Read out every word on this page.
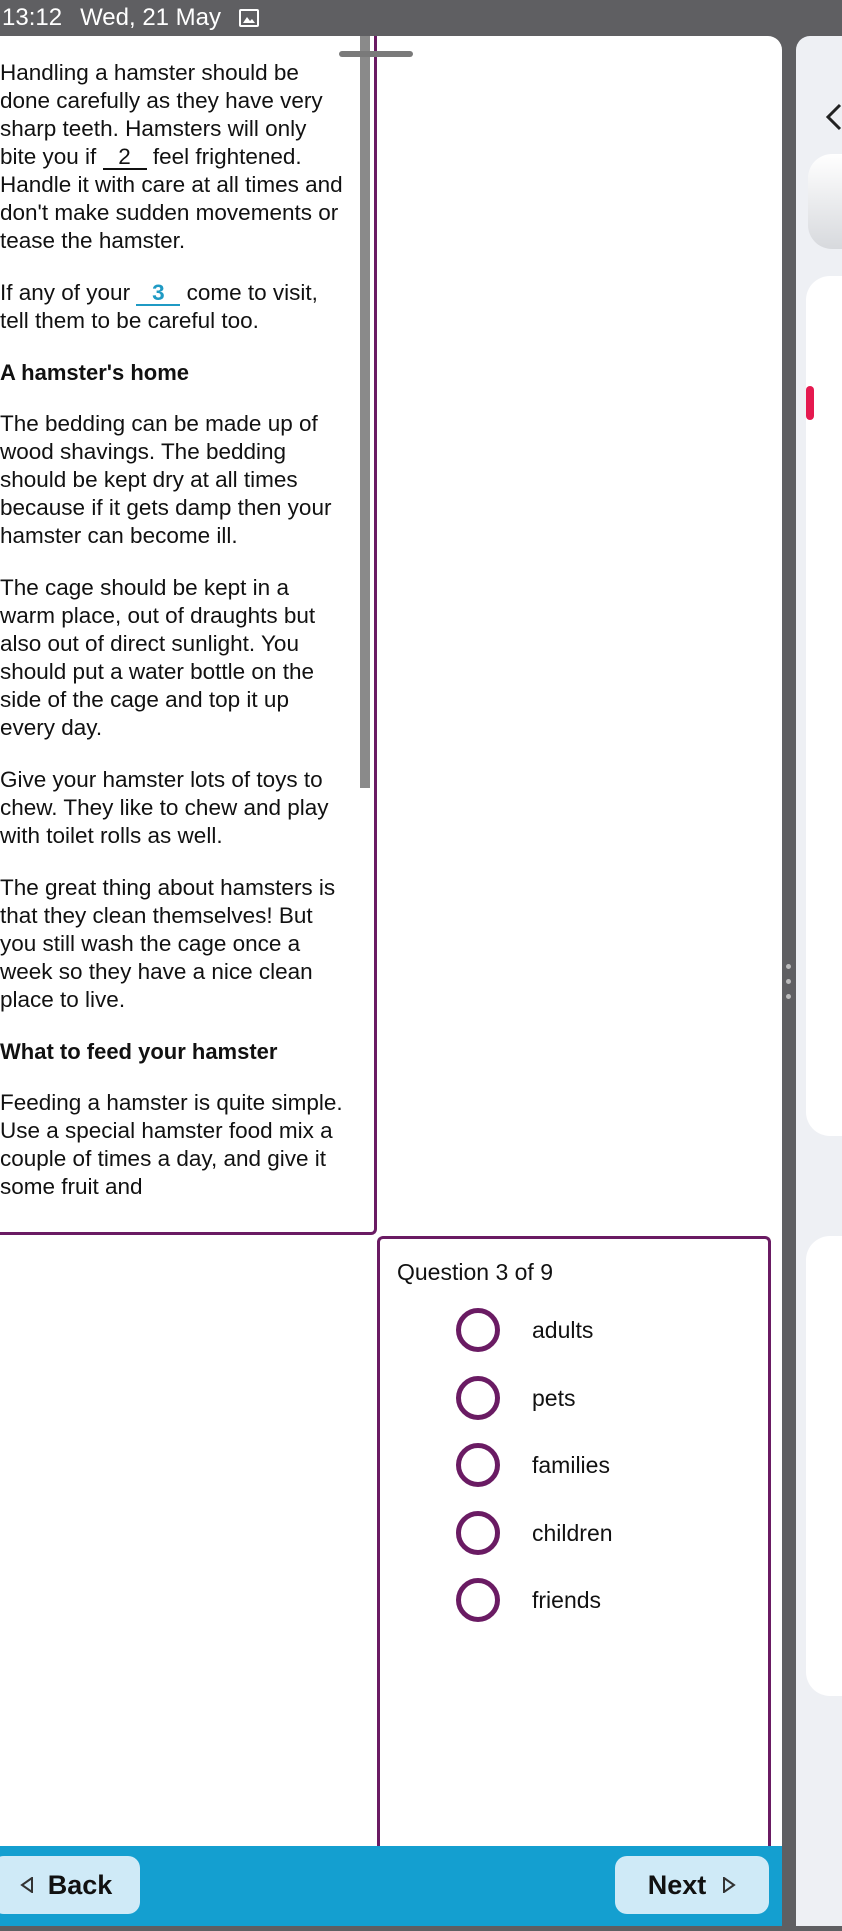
13:12 Wed, 21 May

Handling a hamster should be done carefully as they have very sharp teeth. Hamsters will only bite you if 2 feel frightened. Handle it with care at all times and don't make sudden movements or tease the hamster.

If any of your 3 come to visit, tell them to be careful too.

A hamster's home

The bedding can be made up of wood shavings. The bedding should be kept dry at all times because if it gets damp then your hamster can become ill.

The cage should be kept in a warm place, out of draughts but also out of direct sunlight. You should put a water bottle on the side of the cage and top it up every day.

Give your hamster lots of toys to chew. They like to chew and play with toilet rolls as well.

The great thing about hamsters is that they clean themselves! But you still wash the cage once a week so they have a nice clean place to live.

What to feed your hamster

Feeding a hamster is quite simple. Use a special hamster food mix a couple of times a day, and give it some fruit and

Question 3 of 9
adults
pets
families
children
friends
Back	Next
